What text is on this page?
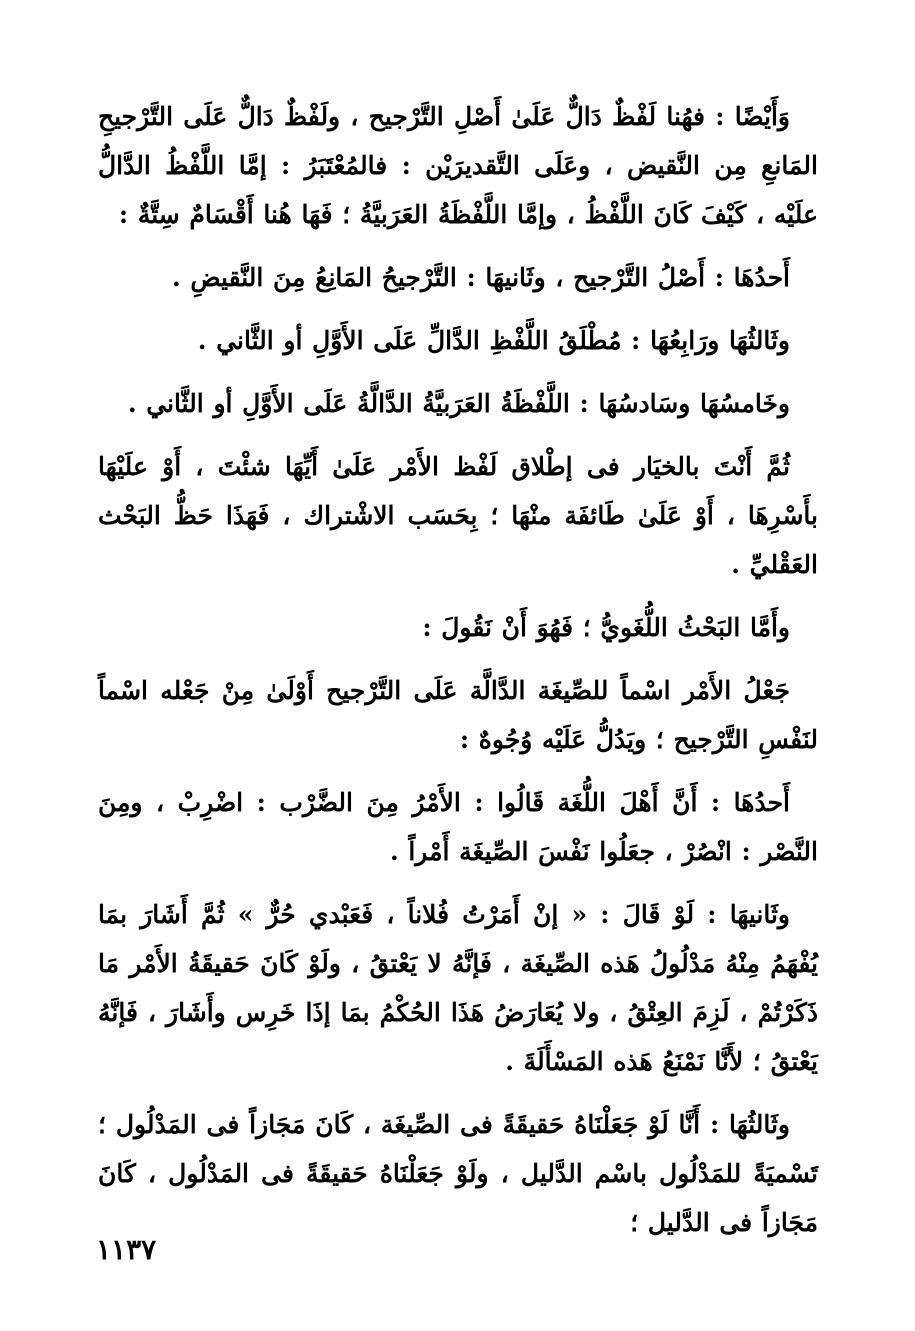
وَأَيْضًا : فهُنا لَفْظٌ دَالٌّ عَلَىٰ أَصْلِ التَّرْجيح ، ولَفْظٌ دَالٌّ عَلَى التَّرْجيحِ المَانعِ مِن النَّقيض ، وعَلَى التَّقديرَيْن : فالمُعْتَبَرُ : إمَّا اللَّفْظُ الدَّالُّ علَيْه ، كَيْفَ كَانَ اللَّفْظُ ، وإمَّا اللَّفْظَةُ العَرَبيَّةُ ؛ فَهَا هُنا أَقْسَامٌ سِتَّةٌ :

أَحدُهَا : أَصْلُ التَّرْجيح ، وثَانيهَا : التَّرْجيحُ المَانِعُ مِنَ النَّقيضِ .

وثَالثُهَا ورَابِعُهَا : مُطْلَقُ اللَّفْظِ الدَّالِّ عَلَى الأَوَّلِ أو الثَّاني .

وخَامسُهَا وسَادسُهَا : اللَّفْظَةُ العَرَبيَّةُ الدَّالَّةُ عَلَى الأَوَّلِ أو الثَّاني .

ثُمَّ أَنْتَ بالخيَار فى إطْلاق لَفْظ الأَمْر عَلَىٰ أَيِّهَا شئْتَ ، أَوْ علَيْهَا بأَسْرِهَا ، أَوْ عَلَىٰ طَائفَة منْهَا ؛ بِحَسَب الاشْتراك ، فَهَذَا حَظُّ البَحْث العَقْليِّ .

وأَمَّا البَحْثُ اللُّغَويُّ ؛ فَهُوَ أَنْ نَقُولَ :

جَعْلُ الأَمْر اسْماً للصِّيغَة الدَّالَّة عَلَى التَّرْجيح أَوْلَىٰ مِنْ جَعْله اسْماً لنَفْسِ التَّرْجيح ؛ ويَدُلُّ عَلَيْه وُجُوهٌ :

أَحدُهَا : أَنَّ أَهْلَ اللُّغَة قَالُوا : الأَمْرُ مِنَ الضَّرْب : اضْرِبْ ، ومِنَ النَّصْر : انْصُرْ ، جعَلُوا نَفْسَ الصِّيغَة أَمْراً .

وثَانيهَا : لَوْ قَالَ : « إنْ أَمَرْتُ فُلاناً ، فَعَبْدي حُرٌّ » ثُمَّ أَشَارَ بمَا يُفْهَمُ مِنْهُ مَدْلُولُ هَذه الصِّيغَة ، فَإنَّهُ لا يَعْتقُ ، ولَوْ كَانَ حَقيقَةُ الأَمْر مَا ذَكَرْتُمْ ، لَزِمَ العِتْقُ ، ولا يُعَارَضُ هَذَا الحُكْمُ بمَا إذَا خَرِس وأَشَارَ ، فَإنَّهُ يَعْتقُ ؛ لأَنَّا نَمْنَعُ هَذه المَسْأَلَةَ .

وثَالثُهَا : أَنَّا لَوْ جَعَلْنَاهُ حَقيقَةً فى الصِّيغَة ، كَانَ مَجَازاً فى المَدْلُول ؛ تَسْميَةً للمَدْلُول باسْم الدَّليل ، ولَوْ جَعَلْنَاهُ حَقيقَةً فى المَدْلُول ، كَانَ مَجَازاً فى الدَّليل ؛

١١٣٧
